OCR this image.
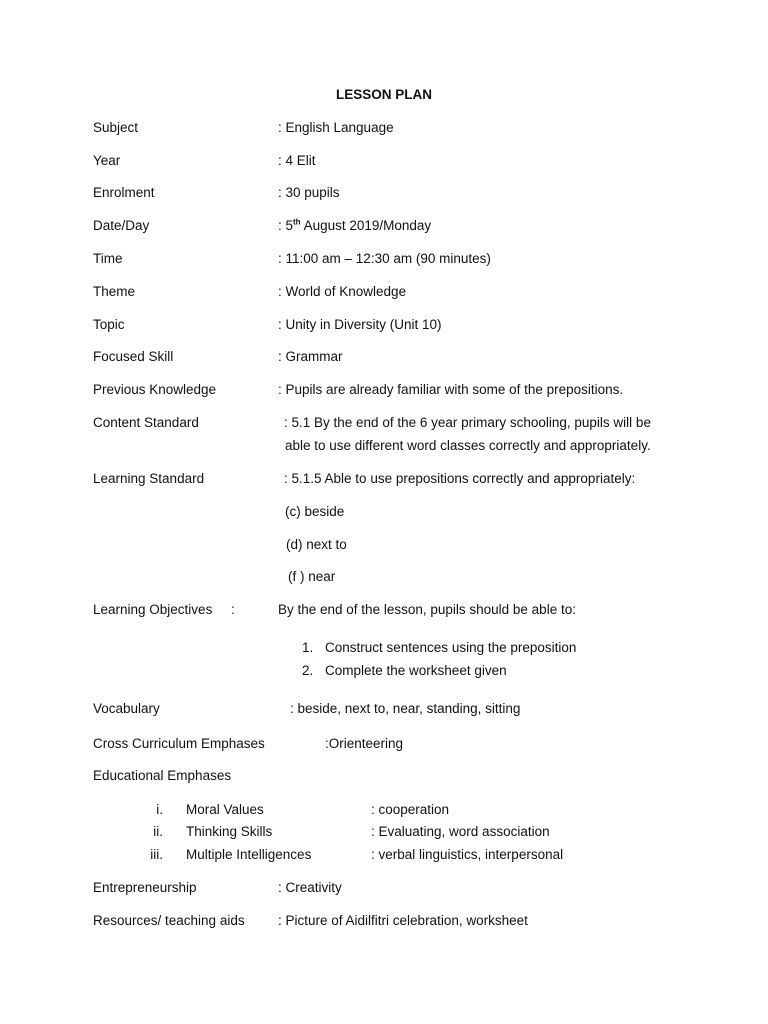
LESSON PLAN
Subject	: English Language
Year	: 4 Elit
Enrolment	: 30 pupils
Date/Day	: 5th August 2019/Monday
Time	: 11:00 am – 12:30 am (90 minutes)
Theme	: World of Knowledge
Topic	: Unity in Diversity (Unit 10)
Focused Skill	: Grammar
Previous Knowledge	: Pupils are already familiar with some of the prepositions.
Content Standard	: 5.1 By the end of the 6 year primary schooling, pupils will be
able to use different word classes correctly and appropriately.
Learning Standard	: 5.1.5 Able to use prepositions correctly and appropriately:
(c) beside
(d) next to
(f ) near
Learning Objectives :	By the end of the lesson, pupils should be able to:
1. Construct sentences using the preposition
2. Complete the worksheet given
Vocabulary	: beside, next to, near, standing, sitting
Cross Curriculum Emphases	:Orienteering
Educational Emphases
i. Moral Values	: cooperation
ii. Thinking Skills	: Evaluating, word association
iii. Multiple Intelligences	: verbal linguistics, interpersonal
Entrepreneurship	: Creativity
Resources/ teaching aids : Picture of Aidilfitri celebration, worksheet
